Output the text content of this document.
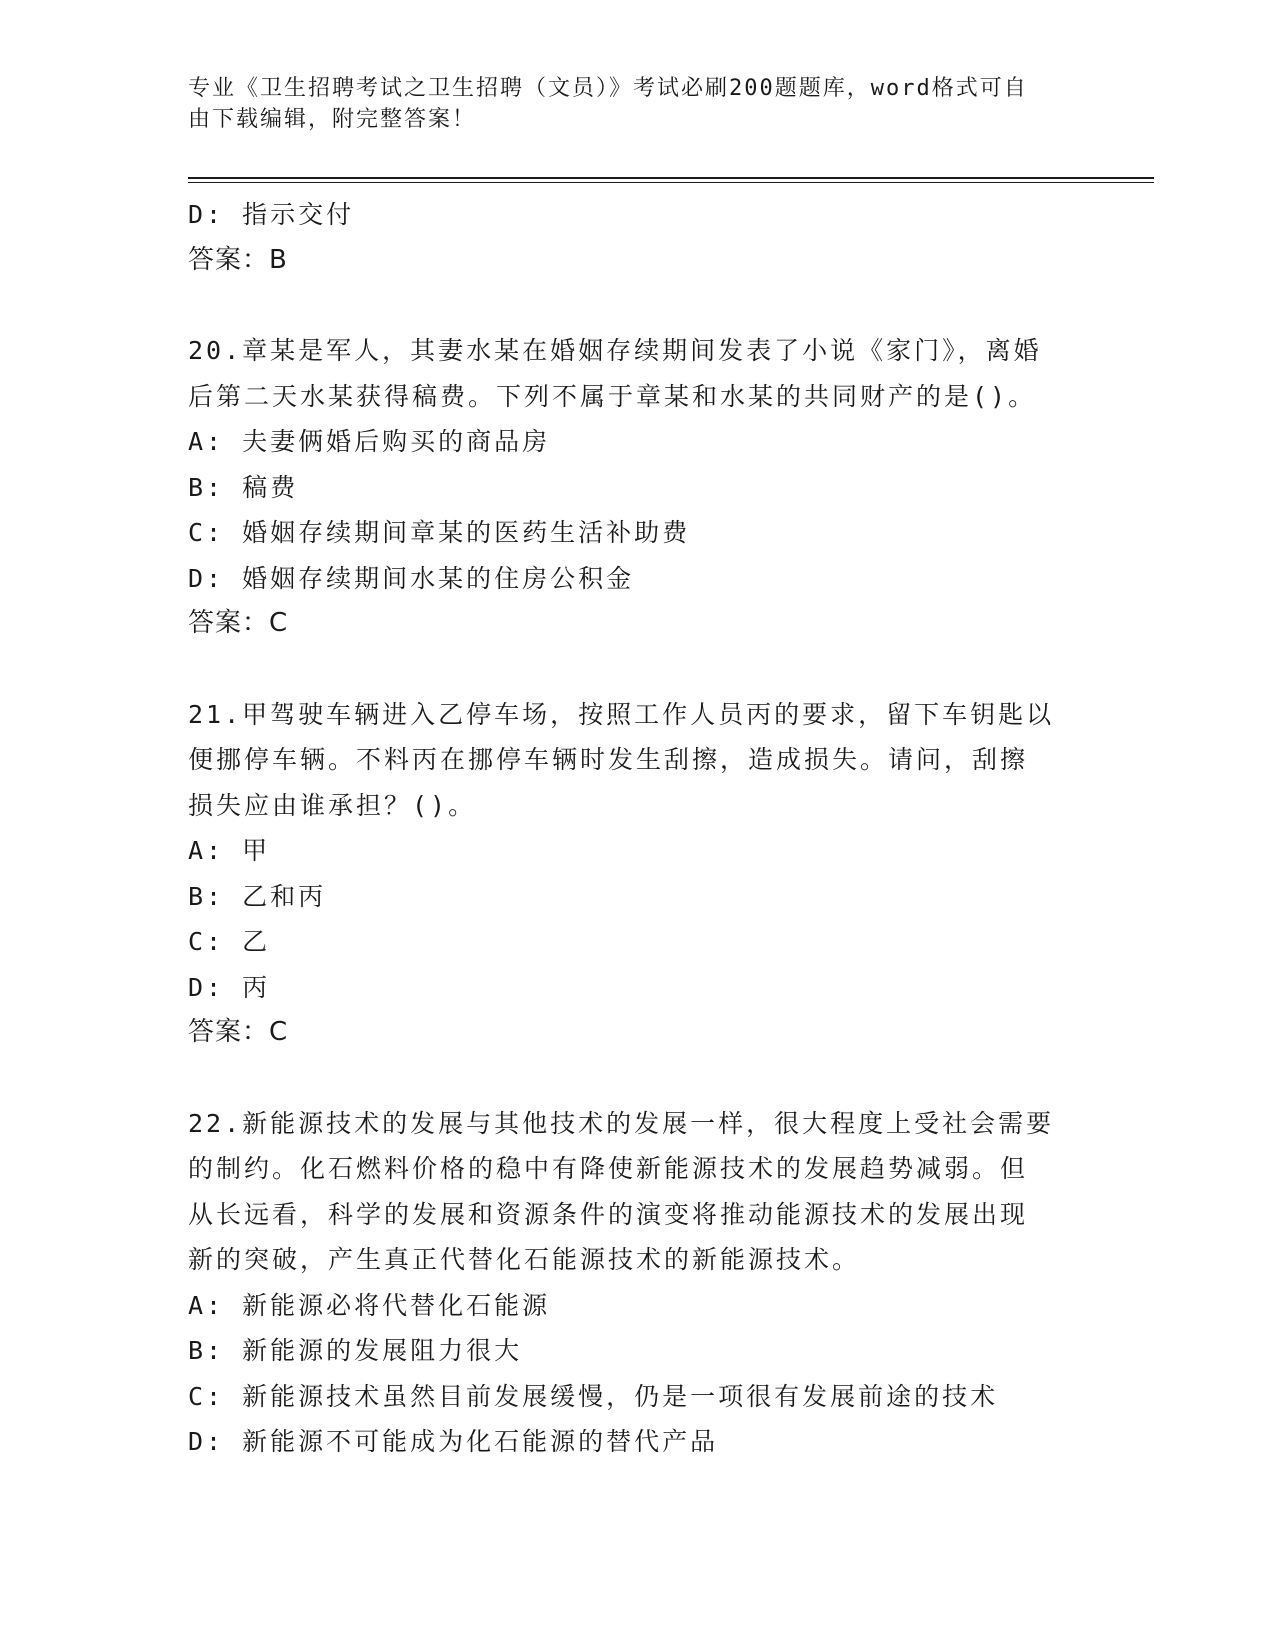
专业《卫生招聘考试之卫生招聘（文员）》考试必刷200题题库，word格式可自
由下载编辑，附完整答案！
D: 指示交付
答案：B
20.章某是军人，其妻水某在婚姻存续期间发表了小说《家门》，离婚
后第二天水某获得稿费。下列不属于章某和水某的共同财产的是()。
A: 夫妻俩婚后购买的商品房
B: 稿费
C: 婚姻存续期间章某的医药生活补助费
D: 婚姻存续期间水某的住房公积金
答案：C
21.甲驾驶车辆进入乙停车场，按照工作人员丙的要求，留下车钥匙以
便挪停车辆。不料丙在挪停车辆时发生刮擦，造成损失。请问，刮擦
损失应由谁承担？()。
A: 甲
B: 乙和丙
C: 乙
D: 丙
答案：C
22.新能源技术的发展与其他技术的发展一样，很大程度上受社会需要
的制约。化石燃料价格的稳中有降使新能源技术的发展趋势减弱。但
从长远看，科学的发展和资源条件的演变将推动能源技术的发展出现
新的突破，产生真正代替化石能源技术的新能源技术。
A: 新能源必将代替化石能源
B: 新能源的发展阻力很大
C: 新能源技术虽然目前发展缓慢，仍是一项很有发展前途的技术
D: 新能源不可能成为化石能源的替代产品
